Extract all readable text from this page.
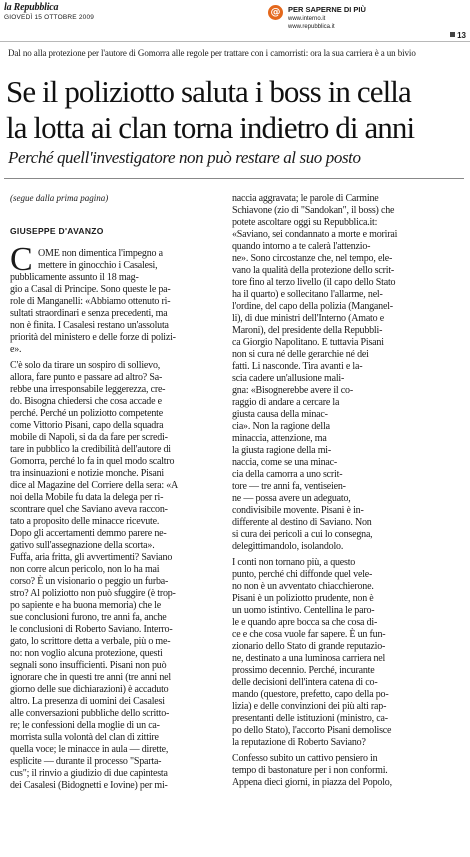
la Repubblica
GIOVEDÌ 15 OTTOBRE 2009	@	PER SAPERNE DI PIÙ
www.interno.it
www.repubblica.it
13
Dal no alla protezione per l'autore di Gomorra alle regole per trattare con i camorristi: ora la sua carriera è a un bivio
Se il poliziotto saluta i boss in cella
la lotta ai clan torna indietro di anni
Perché quell'investigatore non può restare al suo posto
(segue dalla prima pagina)
GIUSEPPE D'AVANZO
C OME non dimentica l'impegno a
mettere in ginocchio i Casalesi,
pubblicamente assunto il 18 mag-
gio a Casal di Principe. Sono queste le pa-
role di Manganelli: «Abbiamo ottenuto ri-
sultati straordinari e senza precedenti, ma
non è finita. I Casalesi restano un'assoluta
priorità del ministero e delle forze di polizi-
e».
C'è solo da tirare un sospiro di sollievo,
allora, fare punto e passare ad altro? Sa-
rebbe una irresponsabile leggerezza, cre-
do. Bisogna chiedersi che cosa accade e
perché. Perché un poliziotto competente
come Vittorio Pisani, capo della squadra
mobile di Napoli, si da da fare per scredi-
tare in pubblico la credibilità dell'autore di
Gomorra, perché lo fa in quel modo scaltro
tra insinuazioni e notizie monche. Pisani
dice al Magazine del Corriere della sera: «A
noi della Mobile fu data la delega per ri-
scontrare quel che Saviano aveva raccon-
tato a proposito delle minacce ricevute.
Dopo gli accertamenti demmo parere ne-
gativo sull'assegnazione della scorta».
Fuffa, aria fritta, gli avvertimenti? Saviano
non corre alcun pericolo, non lo ha mai
corso? È un visionario o peggio un furba-
stro? Al poliziotto non può sfuggire (è trop-
po sapiente e ha buona memoria) che le
sue conclusioni furono, tre anni fa, anche
le conclusioni di Roberto Saviano. Interro-
gato, lo scrittore detta a verbale, più o me-
no: non voglio alcuna protezione, questi
segnali sono insufficienti. Pisani non può
ignorare che in questi tre anni (tre anni nel
giorno delle sue dichiarazioni) è accaduto
altro. La presenza di uomini dei Casalesi
alle conversazioni pubbliche dello scritto-
re; le confessioni della moglie di un ca-
morrista sulla volontà del clan di zittire
quella voce; le minacce in aula — dirette,
esplicite — durante il processo "Sparta-
cus"; il rinvio a giudizio di due capintesta
dei Casalesi (Bidognetti e Iovine) per mi-
naccia aggravata; le parole di Carmine
Schiavone (zio di "Sandokan", il boss) che
potete ascoltare oggi su Repubblica.it:
«Saviano, sei condannato a morte e morirai
quando intorno a te calerà l'attenzio-
ne». Sono circostanze che, nel tempo, ele-
vano la qualità della protezione dello scrit-
tore fino al terzo livello (il capo dello Stato
ha il quarto) e sollecitano l'allarme, nel-
l'ordine, del capo della polizia (Manganel-
li), di due ministri dell'Interno (Amato e
Maroni), del presidente della Repubbli-
ca Giorgio Napolitano. E tuttavia Pisani
non si cura né delle gerarchie né dei
fatti. Li nasconde. Tira avanti e la-
scia cadere un'allusione mali-
gna: «Bisognerebbe avere il co-
raggio di andare a cercare la
giusta causa della minac-
cia». Non la ragione della
minaccia, attenzione, ma
la giusta ragione della mi-
naccia, come se una minac-
cia della camorra a uno scrit-
tore — tre anni fa, ventiseien-
ne — possa avere un adeguato,
condivisibile movente. Pisani è in-
differente al destino di Saviano. Non
si cura dei pericoli a cui lo consegna,
delegittimandolo, isolandolo.
I conti non tornano più, a questo
punto, perché chi diffonde quel vele-
no non è un avventato chiacchierone.
Pisani è un poliziotto prudente, non è
un uomo istintivo. Centellina le paro-
le e quando apre bocca sa che cosa di-
ce e che cosa vuole far sapere. È un fun-
zionario dello Stato di grande reputazio-
ne, destinato a una luminosa carriera nel
prossimo decennio. Perché, incurante
delle decisioni dell'intera catena di co-
mando (questore, prefetto, capo della po-
lizia) e delle convinzioni dei più alti rap-
presentanti delle istituzioni (ministro, ca-
po dello Stato), l'accorto Pisani demolisce
la reputazione di Roberto Saviano?
Confesso subito un cattivo pensiero in
tempo di bastonature per i non conformi.
Appena dieci giorni, in piazza del Popolo,
